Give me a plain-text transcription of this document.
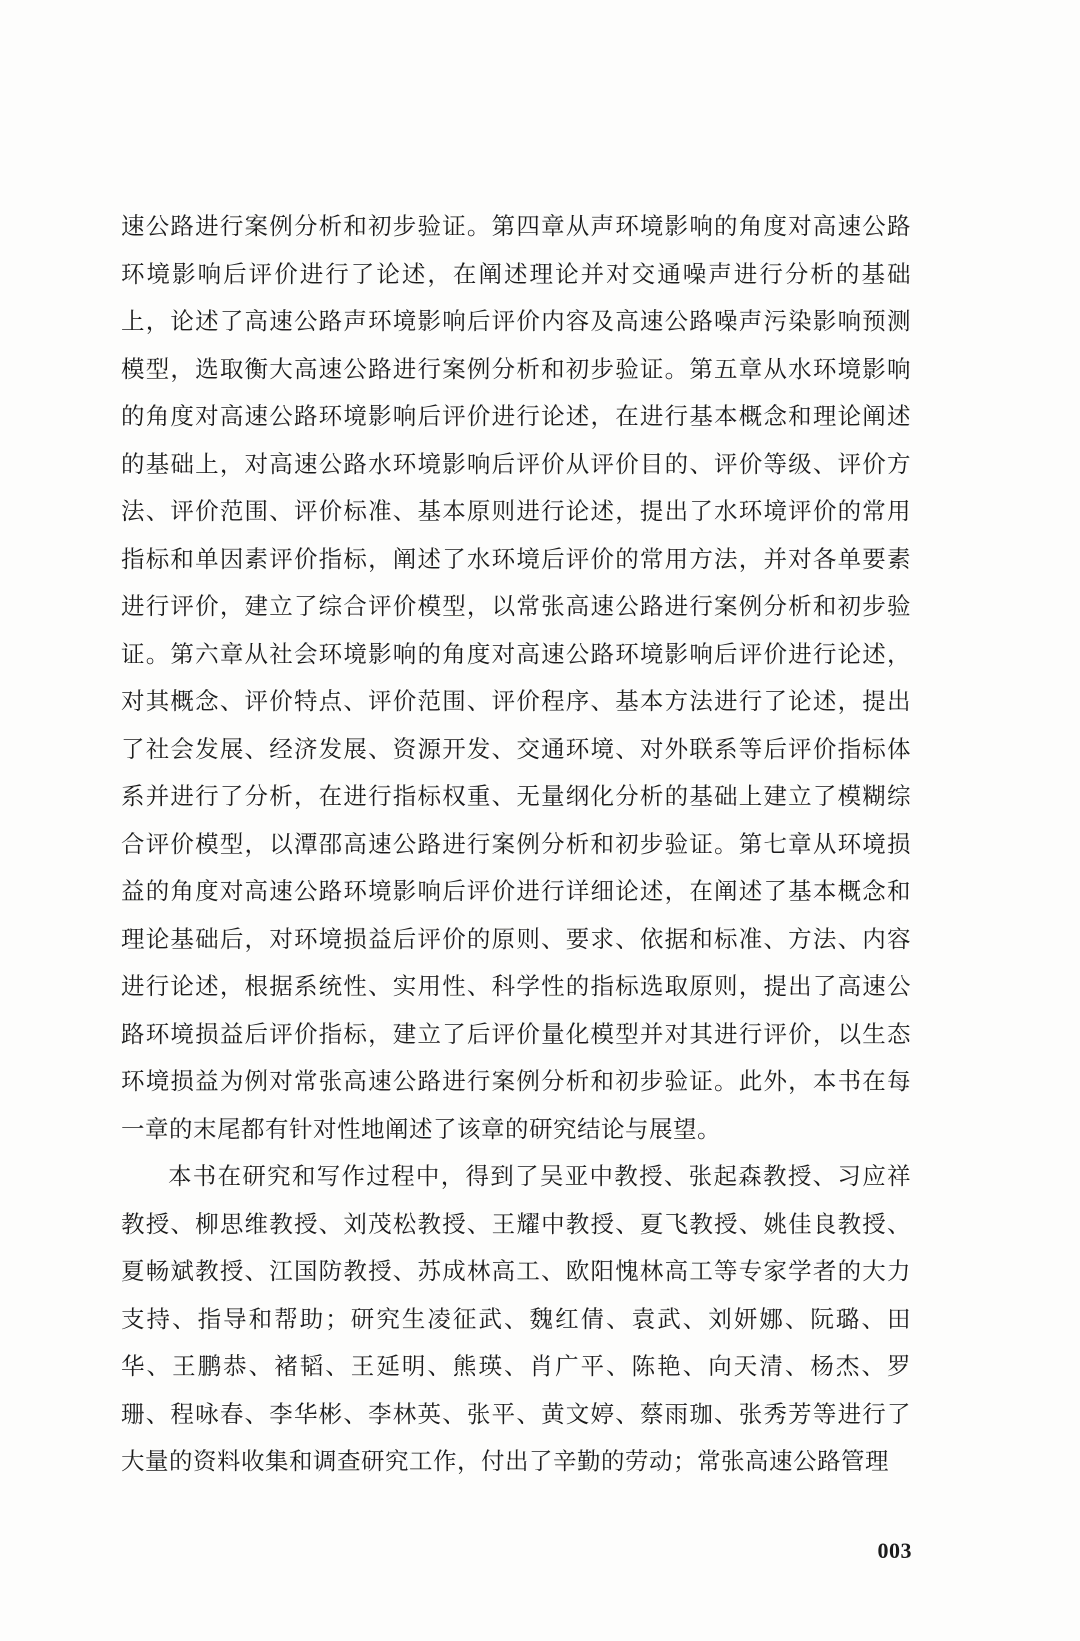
速公路进行案例分析和初步验证。第四章从声环境影响的角度对高速公路环境影响后评价进行了论述，在阐述理论并对交通噪声进行分析的基础上，论述了高速公路声环境影响后评价内容及高速公路噪声污染影响预测模型，选取衡大高速公路进行案例分析和初步验证。第五章从水环境影响的角度对高速公路环境影响后评价进行论述，在进行基本概念和理论阐述的基础上，对高速公路水环境影响后评价从评价目的、评价等级、评价方法、评价范围、评价标准、基本原则进行论述，提出了水环境评价的常用指标和单因素评价指标，阐述了水环境后评价的常用方法，并对各单要素进行评价，建立了综合评价模型，以常张高速公路进行案例分析和初步验证。第六章从社会环境影响的角度对高速公路环境影响后评价进行论述，对其概念、评价特点、评价范围、评价程序、基本方法进行了论述，提出了社会发展、经济发展、资源开发、交通环境、对外联系等后评价指标体系并进行了分析，在进行指标权重、无量纲化分析的基础上建立了模糊综合评价模型，以潭邵高速公路进行案例分析和初步验证。第七章从环境损益的角度对高速公路环境影响后评价进行详细论述，在阐述了基本概念和理论基础后，对环境损益后评价的原则、要求、依据和标准、方法、内容进行论述，根据系统性、实用性、科学性的指标选取原则，提出了高速公路环境损益后评价指标，建立了后评价量化模型并对其进行评价，以生态环境损益为例对常张高速公路进行案例分析和初步验证。此外，本书在每一章的末尾都有针对性地阐述了该章的研究结论与展望。

本书在研究和写作过程中，得到了吴亚中教授、张起森教授、习应祥教授、柳思维教授、刘茂松教授、王耀中教授、夏飞教授、姚佳良教授、夏畅斌教授、江国防教授、苏成林高工、欧阳愧林高工等专家学者的大力支持、指导和帮助；研究生凌征武、魏红倩、袁武、刘妍娜、阮璐、田华、王鹏恭、褚韬、王延明、熊瑛、肖广平、陈艳、向天清、杨杰、罗珊、程咏春、李华彬、李林英、张平、黄文婷、蔡雨珈、张秀芳等进行了大量的资料收集和调查研究工作，付出了辛勤的劳动；常张高速公路管理

003
